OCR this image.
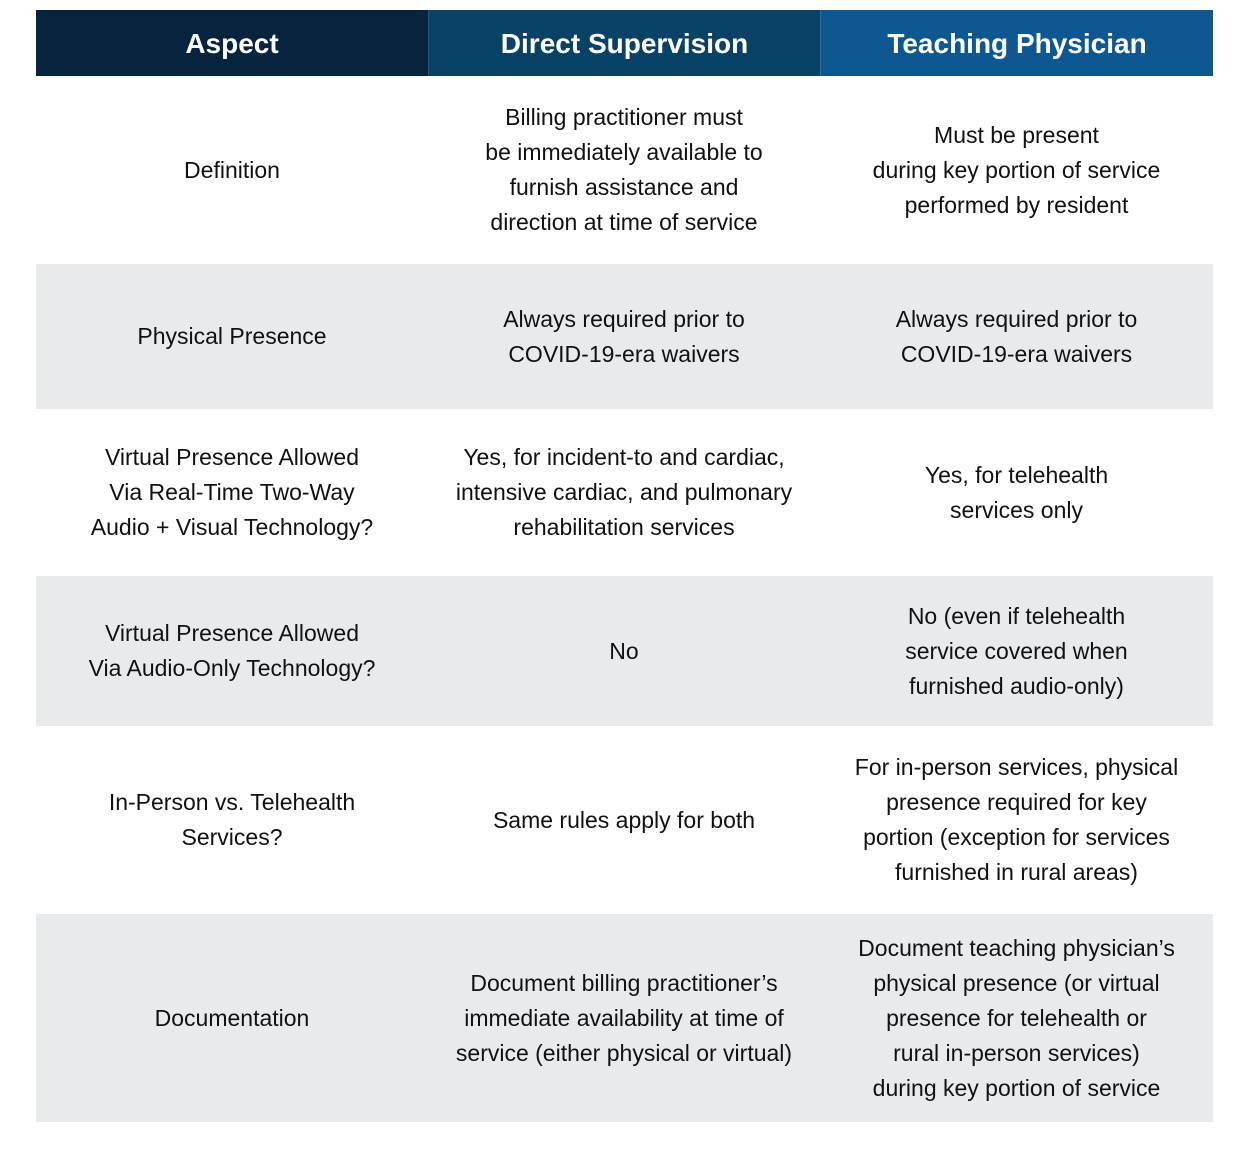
Aspect	Direct Supervision	Teaching Physician
Definition
Billing practitioner must
be immediately available to
furnish assistance and
direction at time of service
Must be present
during key portion of service
performed by resident
Physical Presence
Always required prior to
COVID-19-era waivers
Always required prior to
COVID-19-era waivers
Virtual Presence Allowed
Via Real-Time Two-Way
Audio + Visual Technology?
Yes, for incident-to and cardiac,
intensive cardiac, and pulmonary
rehabilitation services
Yes, for telehealth
services only
Virtual Presence Allowed
Via Audio-Only Technology?
No
No (even if telehealth
service covered when
furnished audio-only)
In-Person vs. Telehealth
Services?
Same rules apply for both
For in-person services, physical
presence required for key
portion (exception for services
furnished in rural areas)
Documentation
Document billing practitioner’s
immediate availability at time of
service (either physical or virtual)
Document teaching physician’s
physical presence (or virtual
presence for telehealth or
rural in-person services)
during key portion of service
